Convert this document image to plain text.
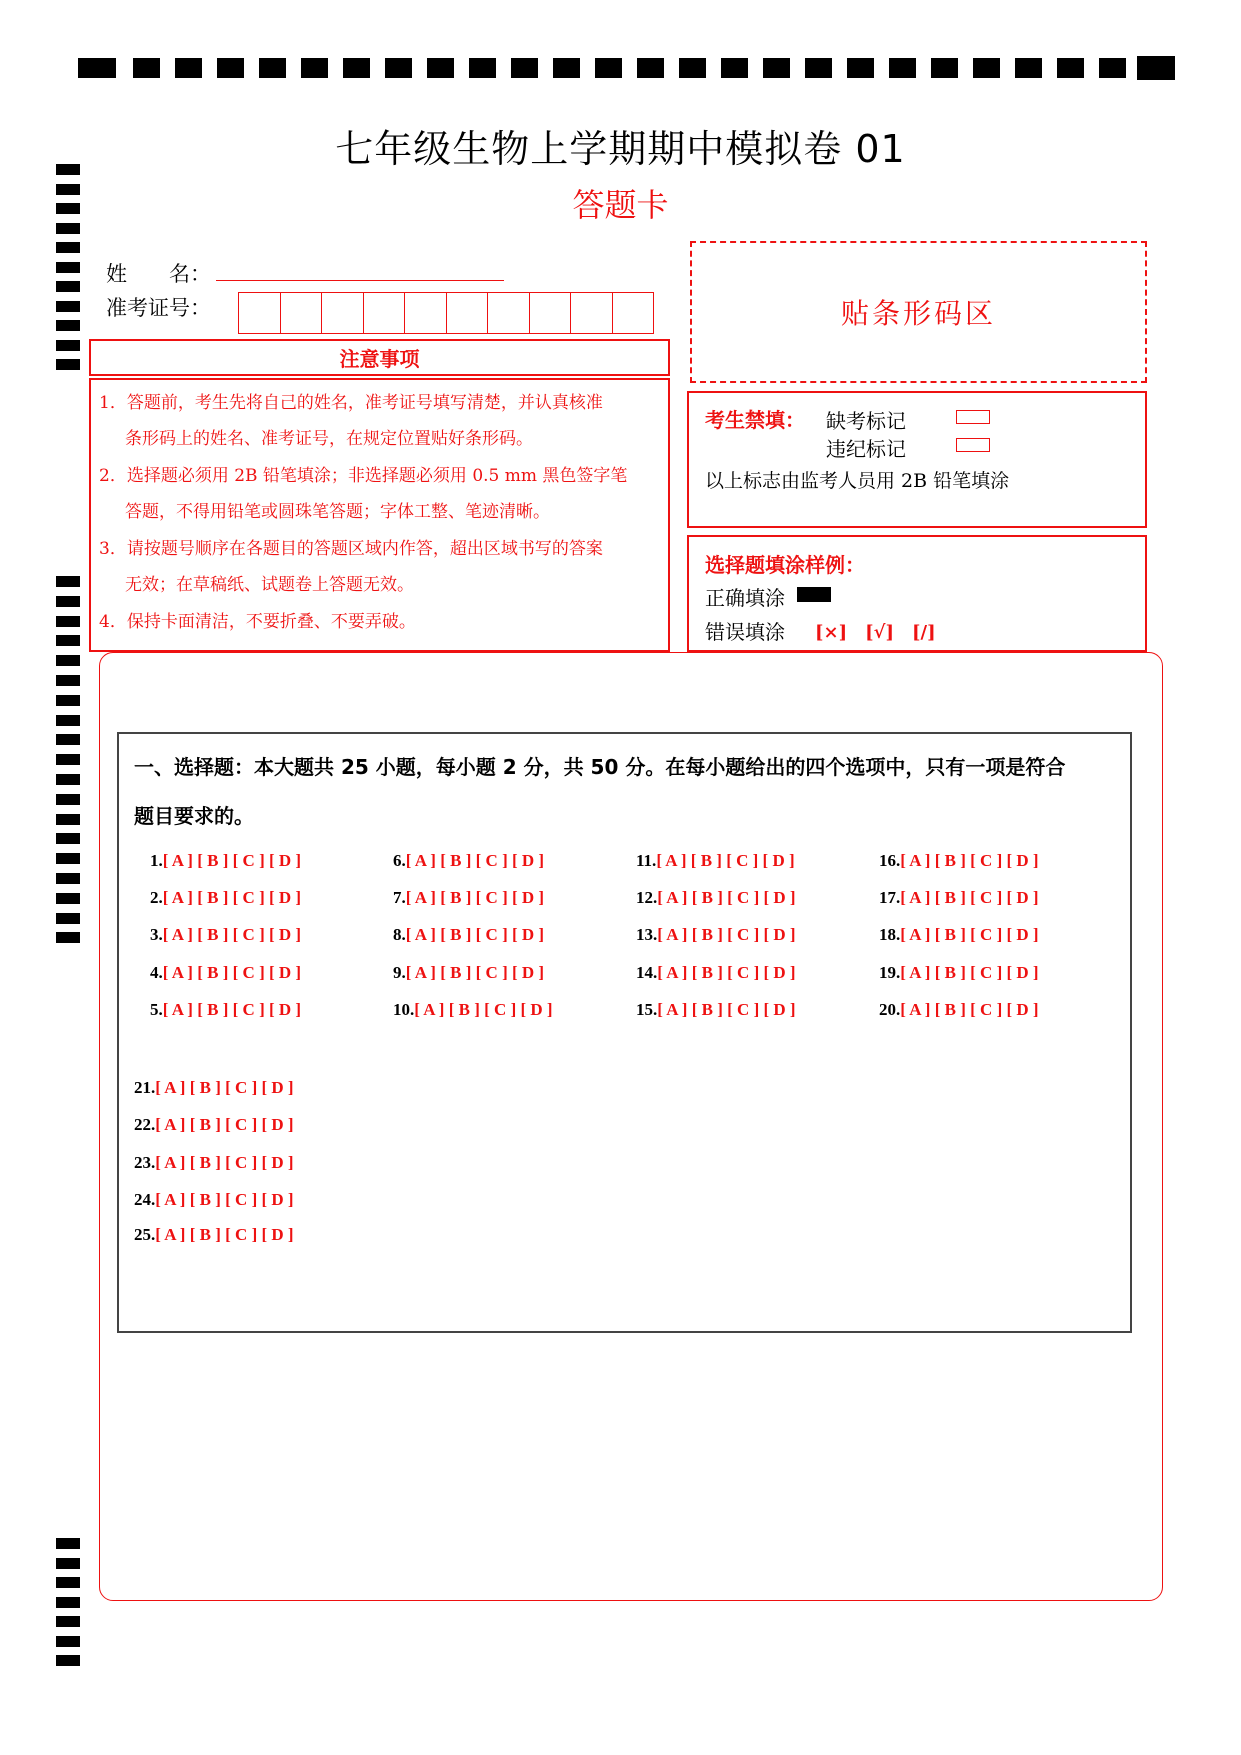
七年级生物上学期期中模拟卷 01
答题卡
姓　　名：
准考证号：	贴条形码区
注意事项
1．答题前，考生先将自己的姓名，准考证号填写清楚，并认真核准
条形码上的姓名、准考证号，在规定位置贴好条形码。
2．选择题必须用 2B 铅笔填涂；非选择题必须用 0.5 mm 黑色签字笔
答题，不得用铅笔或圆珠笔答题；字体工整、笔迹清晰。
3．请按题号顺序在各题目的答题区域内作答，超出区域书写的答案
无效；在草稿纸、试题卷上答题无效。
4．保持卡面清洁，不要折叠、不要弄破。
考生禁填： 缺考标记
违纪标记
以上标志由监考人员用 2B 铅笔填涂
选择题填涂样例：
正确填涂
错误填涂 [×]　[√]　[/]
一、选择题：本大题共 25 小题，每小题 2 分，共 50 分。在每小题给出的四个选项中，只有一项是符合
题目要求的。
1.[ A ] [ B ] [ C ] [ D ]
2.[ A ] [ B ] [ C ] [ D ]
3.[ A ] [ B ] [ C ] [ D ]
4.[ A ] [ B ] [ C ] [ D ]
5.[ A ] [ B ] [ C ] [ D ]
6.[ A ] [ B ] [ C ] [ D ]
7.[ A ] [ B ] [ C ] [ D ]
8.[ A ] [ B ] [ C ] [ D ]
9.[ A ] [ B ] [ C ] [ D ]
10.[ A ] [ B ] [ C ] [ D ]
11.[ A ] [ B ] [ C ] [ D ]
12.[ A ] [ B ] [ C ] [ D ]
13.[ A ] [ B ] [ C ] [ D ]
14.[ A ] [ B ] [ C ] [ D ]
15.[ A ] [ B ] [ C ] [ D ]
16.[ A ] [ B ] [ C ] [ D ]
17.[ A ] [ B ] [ C ] [ D ]
18.[ A ] [ B ] [ C ] [ D ]
19.[ A ] [ B ] [ C ] [ D ]
20.[ A ] [ B ] [ C ] [ D ]
21.[ A ] [ B ] [ C ] [ D ]
22.[ A ] [ B ] [ C ] [ D ]
23.[ A ] [ B ] [ C ] [ D ]
24.[ A ] [ B ] [ C ] [ D ]
25.[ A ] [ B ] [ C ] [ D ]
